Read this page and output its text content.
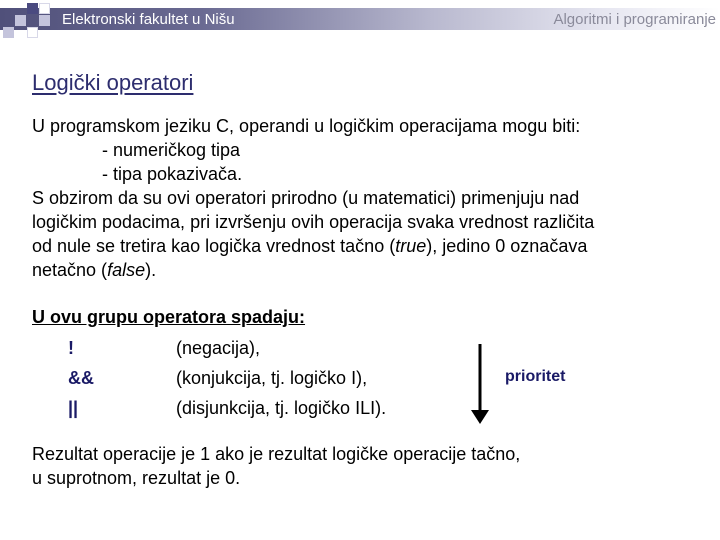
Elektronski fakultet u Nišu	Algoritmi i programiranje
Logički operatori
U programskom jeziku C, operandi u logičkim operacijama mogu biti:
- numeričkog tipa
- tipa pokazivača.
S obzirom da su ovi operatori prirodno (u matematici) primenjuju nad
logičkim podacima, pri izvršenju ovih operacija svaka vrednost različita
od nule se tretira kao logička vrednost tačno (true), jedino 0 označava
netačno (false).
U ovu grupu operatora spadaju:
!	(negacija),
&&	(konjukcija, tj. logičko I),
||	(disjunkcija, tj. logičko ILI).
prioritet
Rezultat operacije je 1 ako je rezultat logičke operacije tačno,
u suprotnom, rezultat je 0.
